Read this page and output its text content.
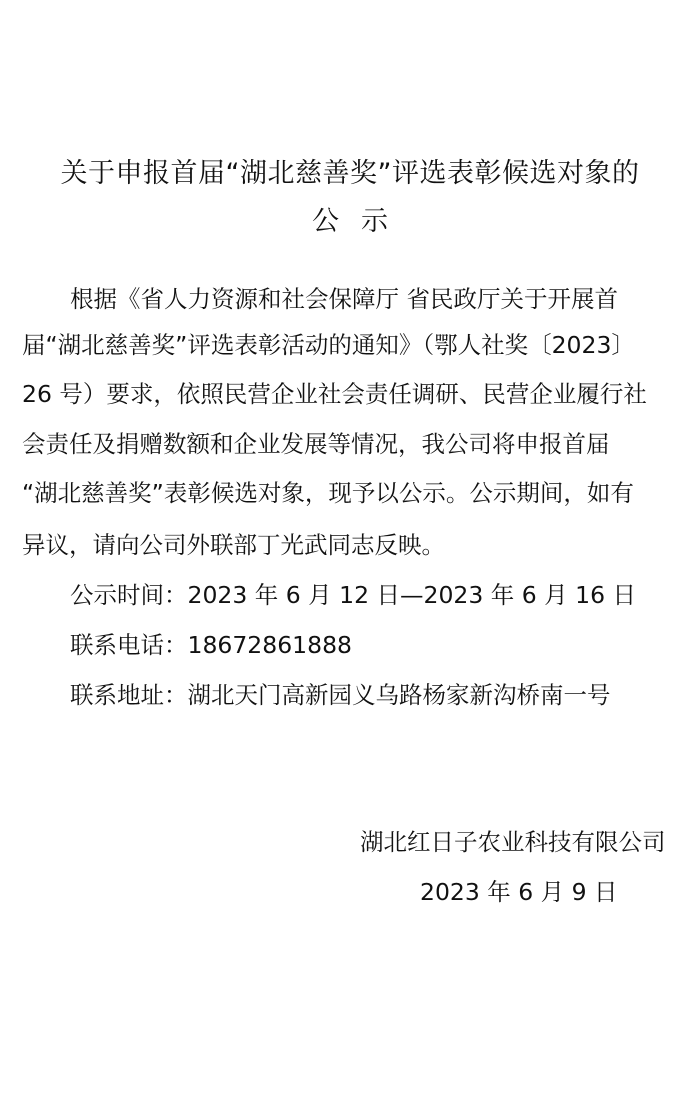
关于申报首届“湖北慈善奖”评选表彰候选对象的
公示
根据《省人力资源和社会保障厅 省民政厅关于开展首
届“湖北慈善奖”评选表彰活动的通知》（鄂人社奖〔2023〕
26 号）要求，依照民营企业社会责任调研、民营企业履行社
会责任及捐赠数额和企业发展等情况，我公司将申报首届
“湖北慈善奖”表彰候选对象，现予以公示。公示期间，如有
异议，请向公司外联部丁光武同志反映。
公示时间：2023 年 6 月 12 日—2023 年 6 月 16 日
联系电话：18672861888
联系地址：湖北天门高新园义乌路杨家新沟桥南一号
湖北红日子农业科技有限公司
2023 年 6 月 9 日
